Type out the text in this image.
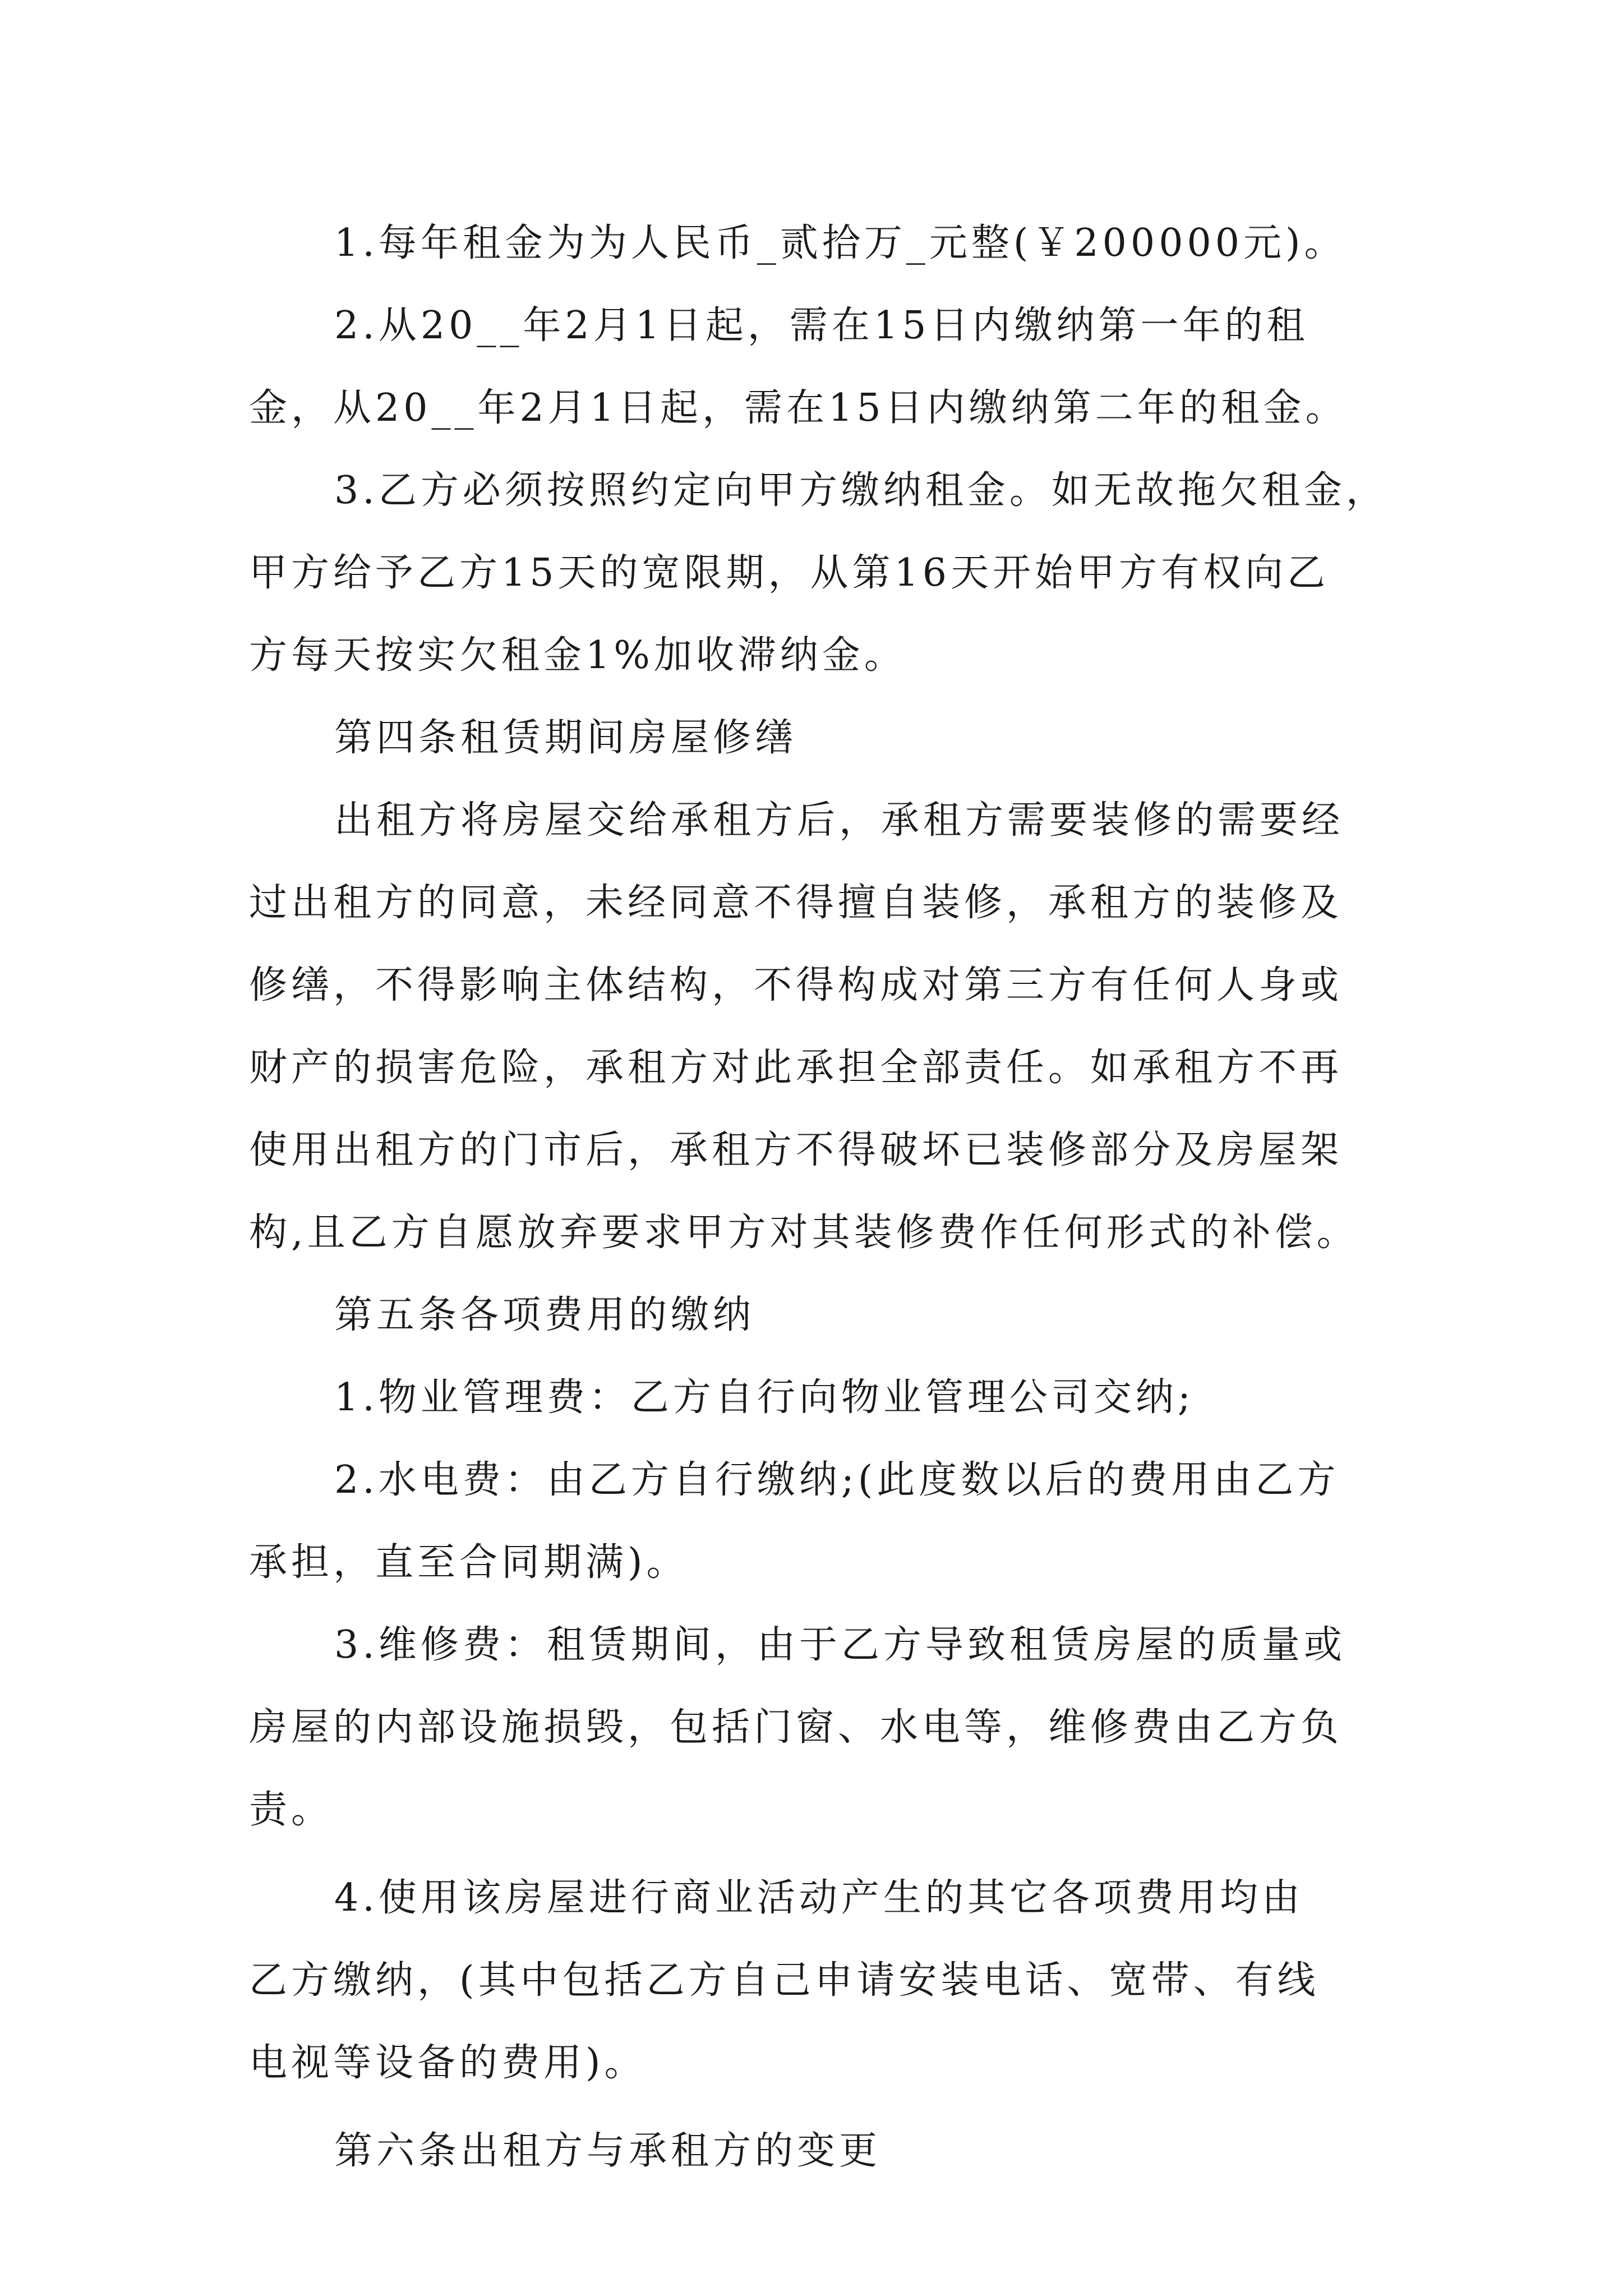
1.每年租金为为人民币_贰拾万_元整(￥200000元)。
2.从20__年2月1日起，需在15日内缴纳第一年的租
金，从20__年2月1日起，需在15日内缴纳第二年的租金。
3.乙方必须按照约定向甲方缴纳租金。如无故拖欠租金，
甲方给予乙方15天的宽限期，从第16天开始甲方有权向乙
方每天按实欠租金1%加收滞纳金。
第四条租赁期间房屋修缮
出租方将房屋交给承租方后，承租方需要装修的需要经
过出租方的同意，未经同意不得擅自装修，承租方的装修及
修缮，不得影响主体结构，不得构成对第三方有任何人身或
财产的损害危险，承租方对此承担全部责任。如承租方不再
使用出租方的门市后，承租方不得破坏已装修部分及房屋架
构,且乙方自愿放弃要求甲方对其装修费作任何形式的补偿。
第五条各项费用的缴纳
1.物业管理费：乙方自行向物业管理公司交纳;
2.水电费：由乙方自行缴纳;(此度数以后的费用由乙方
承担，直至合同期满)。
3.维修费：租赁期间，由于乙方导致租赁房屋的质量或
房屋的内部设施损毁，包括门窗、水电等，维修费由乙方负
责。
4.使用该房屋进行商业活动产生的其它各项费用均由
乙方缴纳，(其中包括乙方自己申请安装电话、宽带、有线
电视等设备的费用)。
第六条出租方与承租方的变更
